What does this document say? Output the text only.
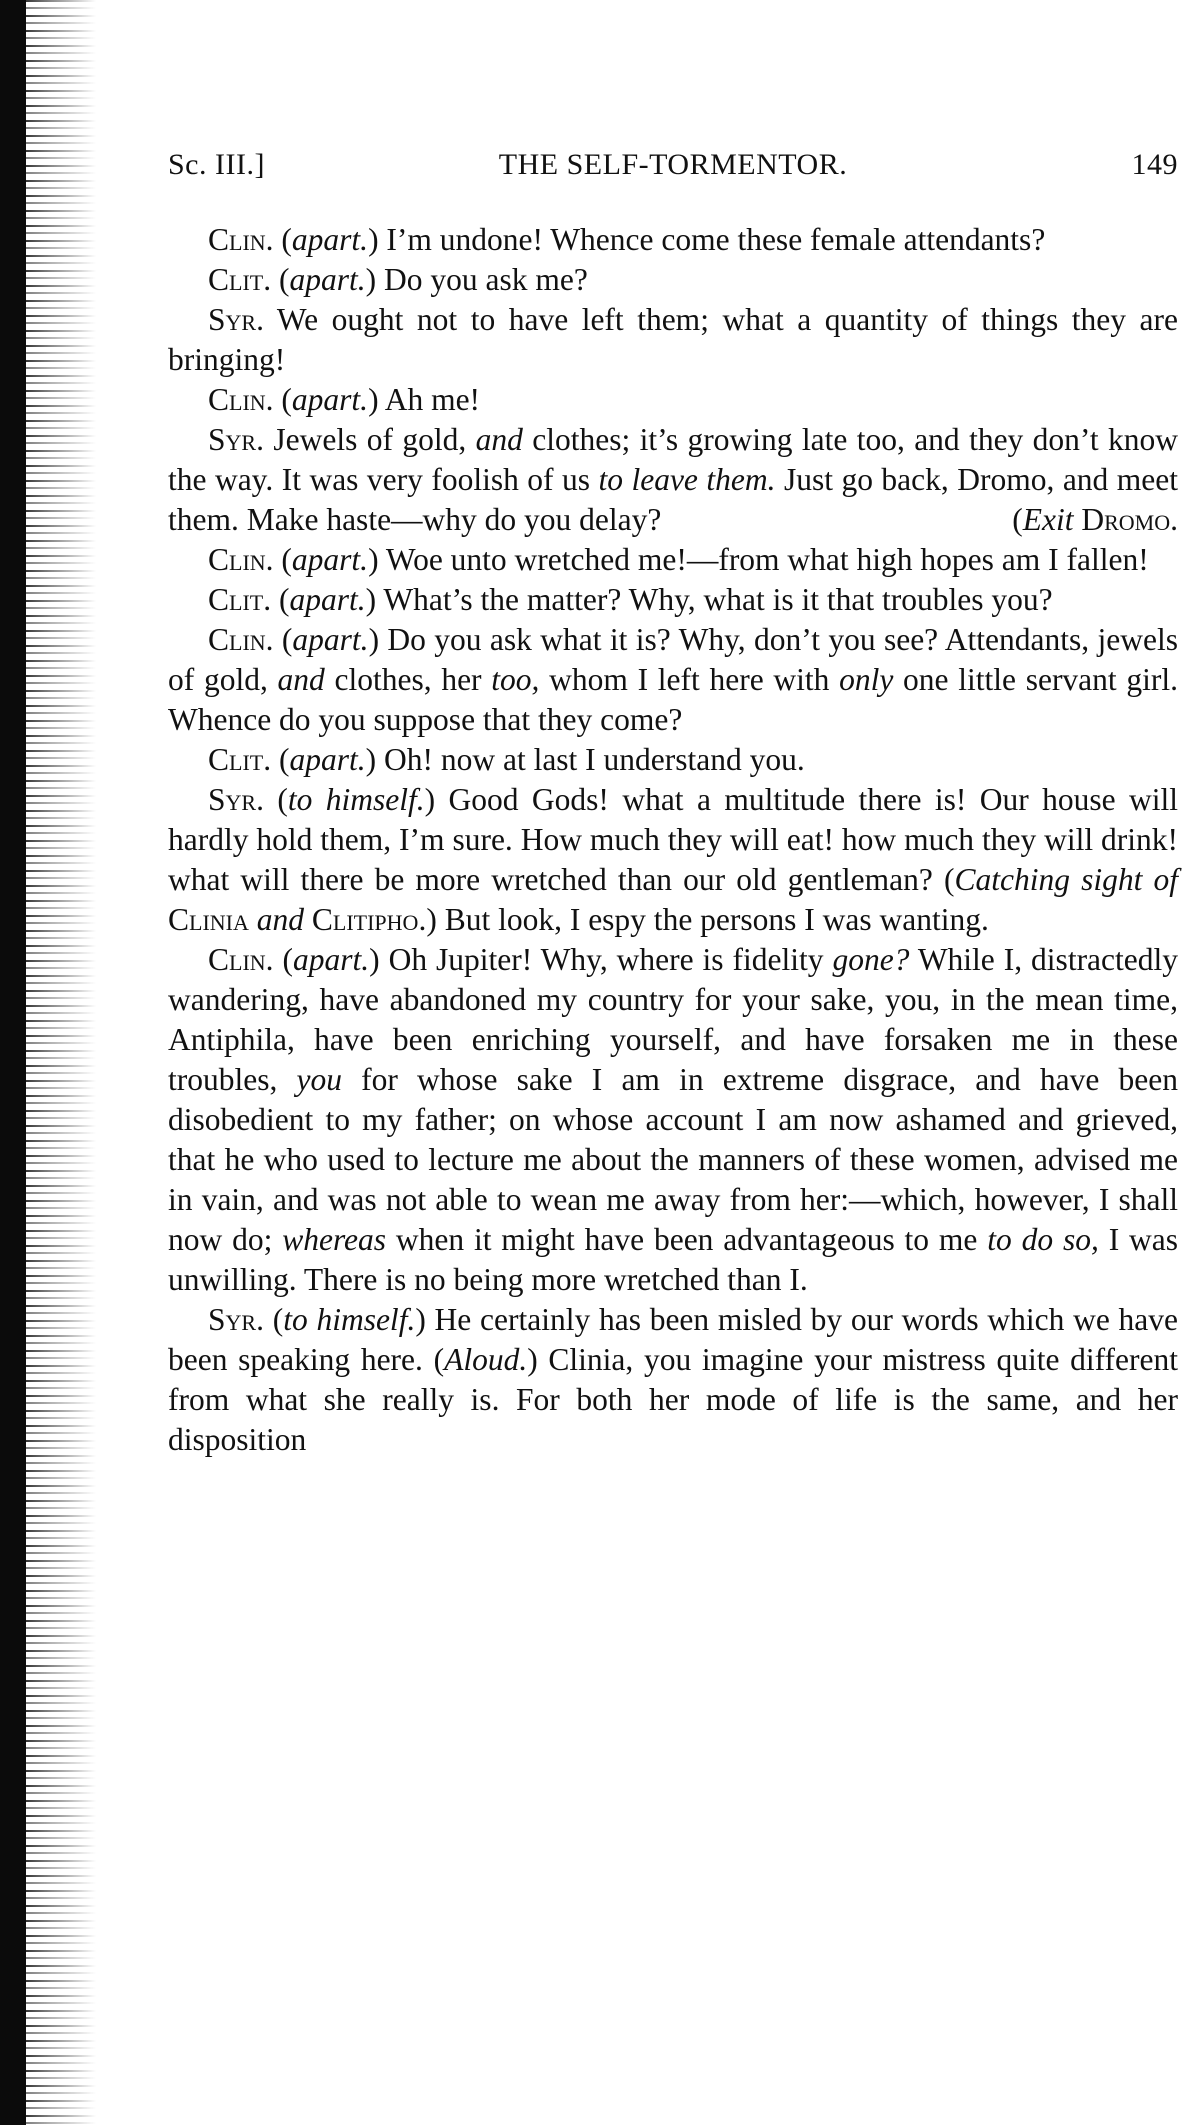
Sc. III.]	THE SELF-TORMENTOR.	149

Clin. (apart.) I’m undone! Whence come these female attendants?

Clit. (apart.) Do you ask me?

Syr. We ought not to have left them; what a quantity of things they are bringing!

Clin. (apart.) Ah me!

Syr. Jewels of gold, and clothes; it’s growing late too, and they don’t know the way. It was very foolish of us to leave them. Just go back, Dromo, and meet them. Make haste—why do you delay?	(Exit Dromo.

Clin. (apart.) Woe unto wretched me!—from what high hopes am I fallen!

Clit. (apart.) What’s the matter? Why, what is it that troubles you?

Clin. (apart.) Do you ask what it is? Why, don’t you see? Attendants, jewels of gold, and clothes, her too, whom I left here with only one little servant girl. Whence do you suppose that they come?

Clit. (apart.) Oh! now at last I understand you.

Syr. (to himself.) Good Gods! what a multitude there is! Our house will hardly hold them, I’m sure. How much they will eat! how much they will drink! what will there be more wretched than our old gentleman? (Catching sight of Clinia and Clitipho.) But look, I espy the persons I was wanting.

Clin. (apart.) Oh Jupiter! Why, where is fidelity gone? While I, distractedly wandering, have abandoned my country for your sake, you, in the mean time, Antiphila, have been enriching yourself, and have forsaken me in these troubles, you for whose sake I am in extreme disgrace, and have been disobedient to my father; on whose account I am now ashamed and grieved, that he who used to lecture me about the manners of these women, advised me in vain, and was not able to wean me away from her:—which, however, I shall now do; whereas when it might have been advantageous to me to do so, I was unwilling. There is no being more wretched than I.

Syr. (to himself.) He certainly has been misled by our words which we have been speaking here. (Aloud.) Clinia, you imagine your mistress quite different from what she really is. For both her mode of life is the same, and her disposition
